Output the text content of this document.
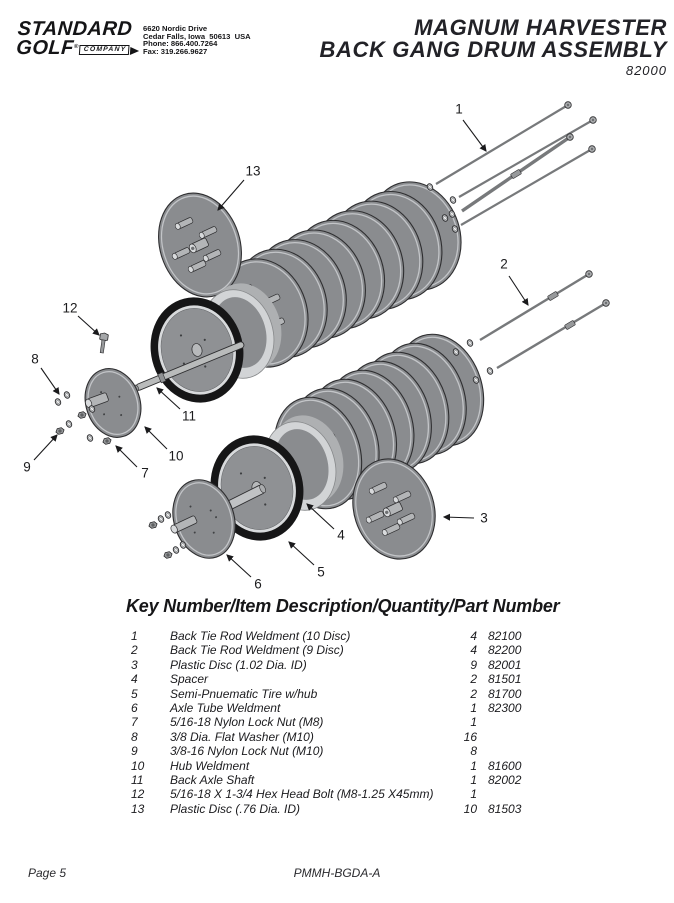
STANDARD
GOLF ® COMPANY
6620 Nordic Drive
Cedar Falls, Iowa  50613  USA
Phone: 866.400.7264
Fax: 319.266.9627
MAGNUM HARVESTER
BACK GANG DRUM ASSEMBLY
82000
1
2
3
4
5
6
7
8
9
10
11
12
13
Key Number/Item Description/Quantity/Part Number
1	Back Tie Rod Weldment (10 Disc)	4 82100
2	Back Tie Rod Weldment (9 Disc)	4 82200
3	Plastic Disc (1.02 Dia. ID)	9 82001
4	Spacer	2 81501
5	Semi-Pnuematic Tire w/hub	2 81700
6	Axle Tube Weldment	1 82300
7	5/16-18 Nylon Lock Nut (M8)	1
8	3/8 Dia. Flat Washer (M10)	16
9	3/8-16 Nylon Lock Nut (M10)	8
10 Hub Weldment	1 81600
11 Back Axle Shaft	1 82002
12 5/16-18 X 1-3/4 Hex Head Bolt (M8-1.25 X45mm)	1
13 Plastic Disc (.76 Dia. ID)	10 81503
Page 5	PMMH-BGDA-A
